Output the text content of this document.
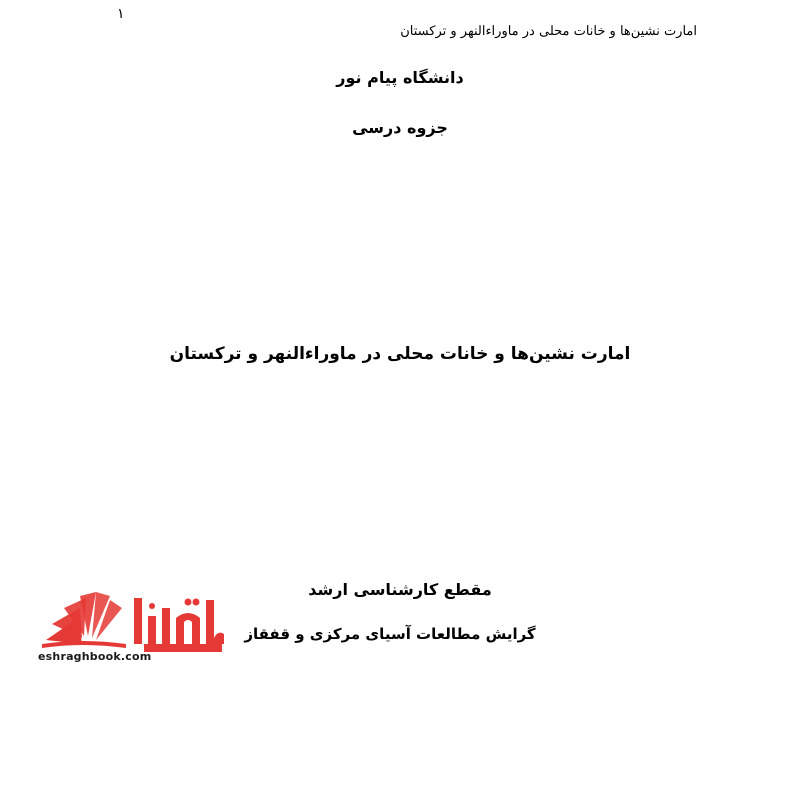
۱
امارت نشین‌ها و خانات محلی در ماوراءالنهر و ترکستان
دانشگاه پیام نور
جزوه درسی
امارت نشین‌ها و خانات محلی در ماوراءالنهر و ترکستان
مقطع کارشناسی ارشد
گرایش مطالعات آسیای مرکزی و قفقاز
eshraghbook.com
